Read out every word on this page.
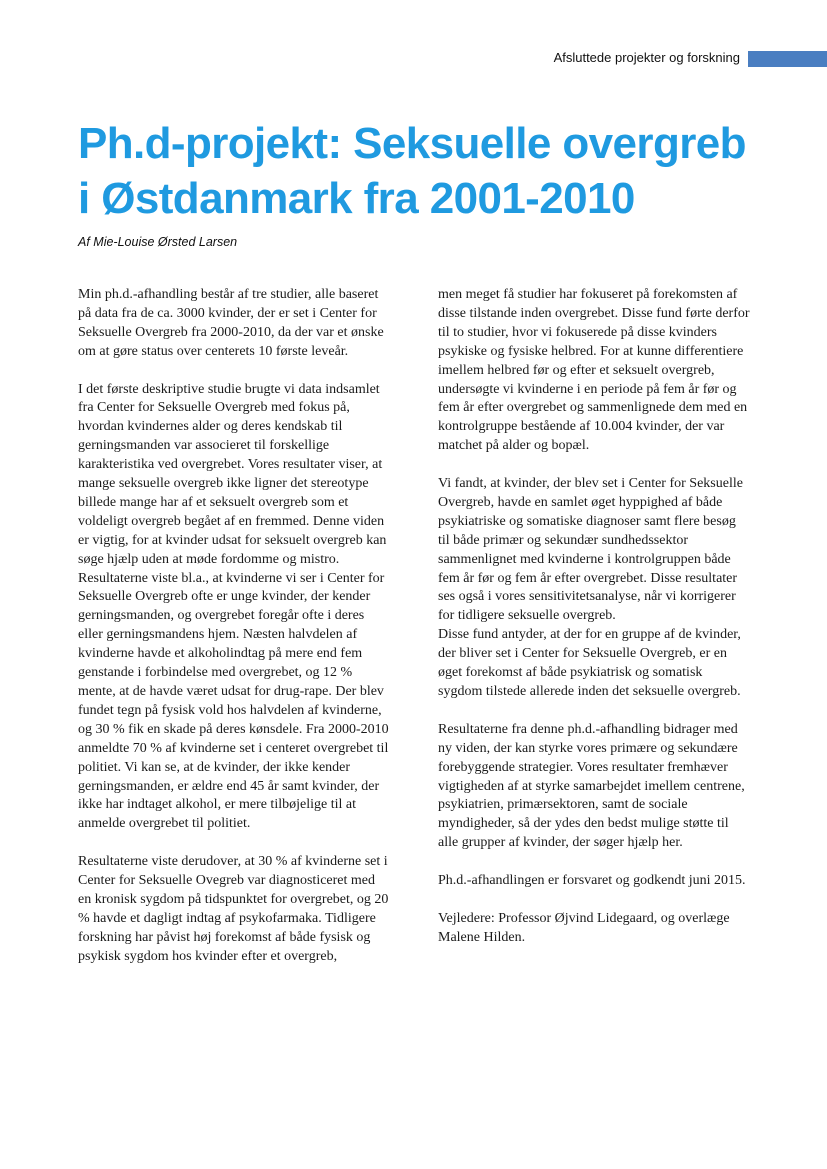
Afsluttede projekter og forskning
Ph.d-projekt: Seksuelle overgreb
i Østdanmark fra 2001-2010
Af Mie-Louise Ørsted Larsen

Min ph.d.-afhandling består af tre studier, alle baseret på data fra de ca. 3000 kvinder, der er set i Center for Seksuelle Overgreb fra 2000-2010, da der var et ønske om at gøre status over centerets 10 første leveår.

I det første deskriptive studie brugte vi data indsamlet fra Center for Seksuelle Overgreb med fokus på, hvordan kvindernes alder og deres kendskab til gerningsmanden var associeret til forskellige karakteristika ved overgrebet. Vores resultater viser, at mange seksuelle overgreb ikke ligner det stereotype billede mange har af et seksuelt overgreb som et voldeligt overgreb begået af en fremmed. Denne viden er vigtig, for at kvinder udsat for seksuelt overgreb kan søge hjælp uden at møde fordomme og mistro. Resultaterne viste bl.a., at kvinderne vi ser i Center for Seksuelle Overgreb ofte er unge kvinder, der kender gerningsmanden, og overgrebet foregår ofte i deres eller gerningsmandens hjem. Næsten halvdelen af kvinderne havde et alkoholindtag på mere end fem genstande i forbindelse med overgrebet, og 12 % mente, at de havde været udsat for drug-rape. Der blev fundet tegn på fysisk vold hos halvdelen af kvinderne, og 30 % fik en skade på deres kønsdele. Fra 2000-2010 anmeldte 70 % af kvinderne set i centeret overgrebet til politiet. Vi kan se, at de kvinder, der ikke kender gerningsmanden, er ældre end 45 år samt kvinder, der ikke har indtaget alkohol, er mere tilbøjelige til at anmelde overgrebet til politiet.

Resultaterne viste derudover, at 30 % af kvinderne set i Center for Seksuelle Ovegreb var diagnosticeret med en kronisk sygdom på tidspunktet for overgrebet, og 20 % havde et dagligt indtag af psykofarmaka. Tidligere forskning har påvist høj forekomst af både fysisk og psykisk sygdom hos kvinder efter et overgreb,

men meget få studier har fokuseret på forekomsten af disse tilstande inden overgrebet. Disse fund førte derfor til to studier, hvor vi fokuserede på disse kvinders psykiske og fysiske helbred. For at kunne differentiere imellem helbred før og efter et seksuelt overgreb, undersøgte vi kvinderne i en periode på fem år før og fem år efter overgrebet og sammenlignede dem med en kontrolgruppe bestående af 10.004 kvinder, der var matchet på alder og bopæl.

Vi fandt, at kvinder, der blev set i Center for Seksuelle Overgreb, havde en samlet øget hyppighed af både psykiatriske og somatiske diagnoser samt flere besøg til både primær og sekundær sundhedssektor sammenlignet med kvinderne i kontrolgruppen både fem år før og fem år efter overgrebet. Disse resultater ses også i vores sensitivitetsanalyse, når vi korrigerer for tidligere seksuelle overgreb.

Disse fund antyder, at der for en gruppe af de kvinder, der bliver set i Center for Seksuelle Overgreb, er en øget forekomst af både psykiatrisk og somatisk sygdom tilstede allerede inden det seksuelle overgreb.

Resultaterne fra denne ph.d.-afhandling bidrager med ny viden, der kan styrke vores primære og sekundære forebyggende strategier. Vores resultater fremhæver vigtigheden af at styrke samarbejdet imellem centrene, psykiatrien, primærsektoren, samt de sociale myndigheder, så der ydes den bedst mulige støtte til alle grupper af kvinder, der søger hjælp her.

Ph.d.-afhandlingen er forsvaret og godkendt juni 2015.

Vejledere: Professor Øjvind Lidegaard, og overlæge Malene Hilden.
